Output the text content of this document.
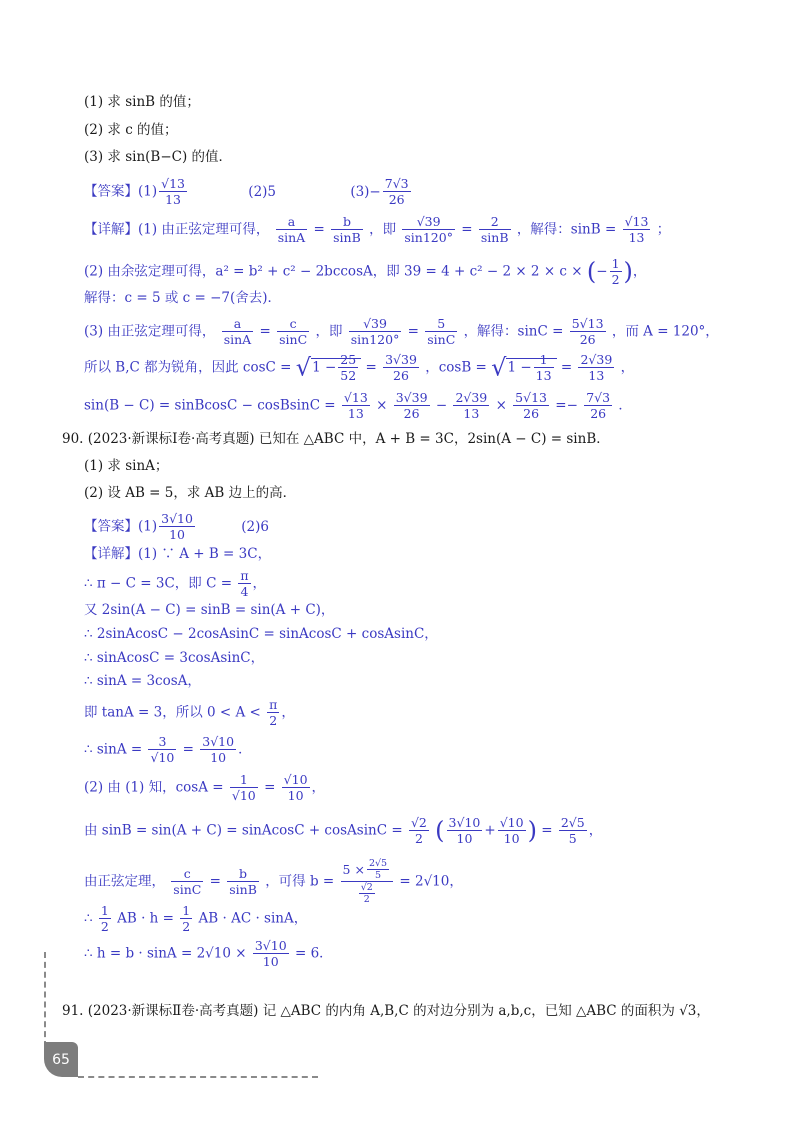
(1) 求 sinB 的值；
(2) 求 c 的值；
(3) 求 sin(B−C) 的值．
【答案】$(1) \frac{√13}{13}$	(2)5	$(3)- \frac{7√3}{26}$
【详解】(1) 由正弦定理可得， $\frac{a}{\sin A} = \frac{b}{\sin B}$ ，即 $\frac{√39}{\sin 120^\circ} = \frac{2}{\sin B}$ ，解得：$\sin B = \frac{√13}{13}$ ；
(2) 由余弦定理可得，a² = b² + c² − 2bccosA，即 39 = 4 + c² − 2 × 2 × c × (− $\frac{1}{2}$ )，
解得：c = 5 或 c = −7(舍去)．
(3) 由正弦定理可得， $\frac{a}{\sin A} = \frac{c}{\sin C}$ ，即 $\frac{√39}{\sin 120^\circ} = \frac{5}{\sin C}$ ，解得：$\sin C = \frac{5√13}{26}$ ，而 A = 120°，
所以 B,C 都为锐角，因此 $\cos C = √1 - \frac{25}{52} = \frac{3√39}{26}$ ，$\cos B = √1 - \frac{1}{13} = \frac{2√39}{13}$ ，
sin(B − C) = sinBcosC − cosBsinC = $\frac{√13}{13} \times \frac{3√39}{26} - \frac{2√39}{13} \times \frac{5√13}{26} =- \frac{7√3}{26}$ ．
90. (2023·新课标Ⅰ卷·高考真题) 已知在 △ABC 中，A + B = 3C，2sin(A − C) = sinB．
(1) 求 sinA；
(2) 设 AB = 5，求 AB 边上的高．
【答案】$(1) \frac{3√10}{10}$	(2)6
【详解】(1) ∵ A + B = 3C，
∴ π − C = 3C，即 $C = \frac{\pi}{4}$ ，
又 2sin(A − C) = sinB = sin(A + C)，
∴ 2sinAcosC − 2cosAsinC = sinAcosC + cosAsinC，
∴ sinAcosC = 3cosAsinC，
∴ sinA = 3cosA，
即 tanA = 3，所以 $0 < A < \frac{\pi}{2}$ ，
∴ $\sin A = \frac{3}{√10} = \frac{3√10}{10}$ ．
(2) 由 (1) 知，$\cos A = \frac{1}{√10} = \frac{√10}{10}$ ，
由 sinB = sin(A + C) = sinAcosC + cosAsinC = $\frac{√2}{2}$ ( $\frac{3√10}{10} + \frac{√10}{10}$ ) = $\frac{2√5}{5}$ ，
由正弦定理， $\frac{c}{\sin C} = \frac{b}{\sin B}$ ，可得 $b = \frac{5 \times \frac{2√5}{5}}{\frac{√2}{2}} = 2√10$，
∴ $\frac{1}{2}$ AB · $h = \frac{1}{2}$ AB · AC · sinA，
∴ $h = b \cdot \sin A = 2√10 \times \frac{3√10}{10} = 6$．
91. (2023·新课标Ⅱ卷·高考真题) 记 △ABC 的内角 A,B,C 的对边分别为 a,b,c，已知 △ABC 的面积为 √3，
65
